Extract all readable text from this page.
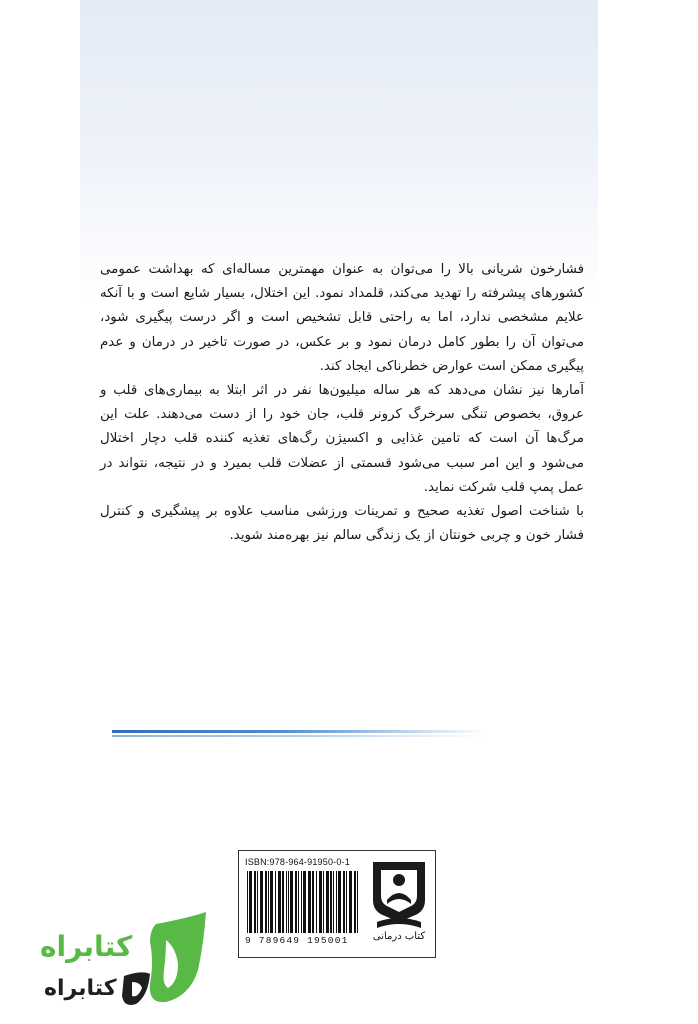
فشارخون شریانی بالا را می‌توان به عنوان مهمترین مساله‌ای که بهداشت عمومی کشورهای پیشرفته را تهدید می‌کند، قلمداد نمود. این اختلال، بسیار شایع است و با آنکه علایم مشخصی ندارد، اما به راحتی قابل تشخیص است و اگر درست پیگیری شود، می‌توان آن را بطور کامل درمان نمود و بر عکس، در صورت تاخیر در درمان و عدم پیگیری ممکن است عوارض خطرناکی ایجاد کند.

آمارها نیز نشان می‌دهد که هر ساله میلیون‌ها نفر در اثر ابتلا به بیماری‌های قلب و عروق، بخصوص تنگی سرخرگ کرونر قلب، جان خود را از دست می‌دهند. علت این مرگ‌ها آن است که تامین غذایی و اکسیژن رگ‌های تغذیه کننده قلب دچار اختلال می‌شود و این امر سبب می‌شود قسمتی از عضلات قلب بمیرد و در نتیجه، نتواند در عمل پمپ قلب شرکت نماید.

با شناخت اصول تغذیه صحیح و تمرینات ورزشی مناسب علاوه بر پیشگیری و کنترل فشار خون و چربی خونتان از یک زندگی سالم نیز بهره‌مند شوید.

ISBN:978-964-91950-0-1
9 789649 195001	کتاب درمانی
کتابراه
کتابراه
